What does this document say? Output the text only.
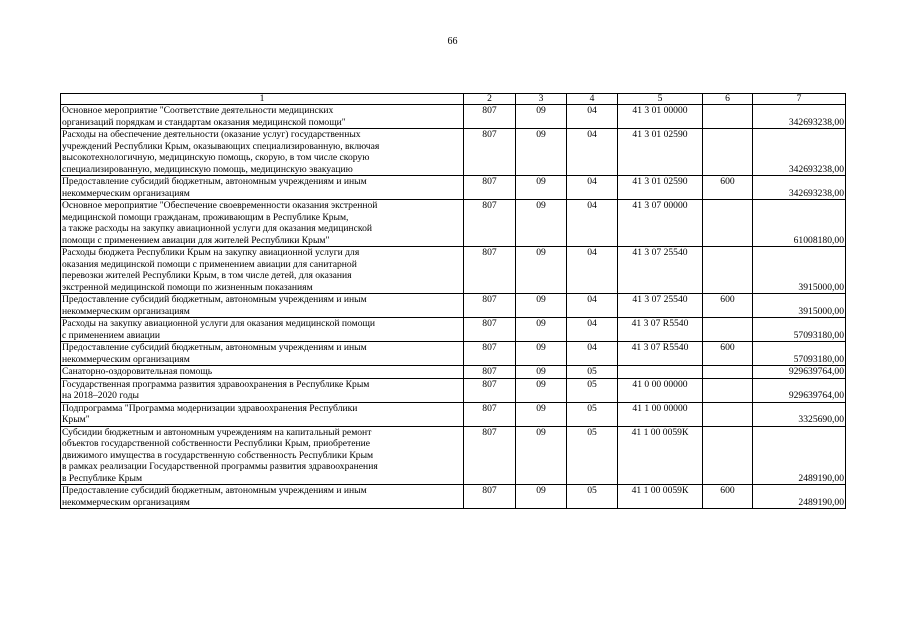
66
1	2	3	4	5	6	7

Основное мероприятие "Соответствие деятельности медицинских
организаций порядкам и стандартам оказания медицинской помощи"	807	09	04	41 3 01 00000		342693238,00

Расходы на обеспечение деятельности (оказание услуг) государственных
учреждений Республики Крым, оказывающих специализированную, включая
высокотехнологичную, медицинскую помощь, скорую, в том числе скорую
специализированную, медицинскую помощь, медицинскую эвакуацию	807	09	04	41 3 01 02590		342693238,00

Предоставление субсидий бюджетным, автономным учреждениям и иным
некоммерческим организациям	807	09	04	41 3 01 02590	600	342693238,00

Основное мероприятие "Обеспечение своевременности оказания экстренной
медицинской помощи гражданам, проживающим в Республике Крым,
а также расходы на закупку авиационной услуги для оказания медицинской
помощи с применением авиации для жителей Республики Крым"	807	09	04	41 3 07 00000		61008180,00

Расходы бюджета Республики Крым на закупку авиационной услуги для
оказания медицинской помощи с применением авиации для санитарной
перевозки жителей Республики Крым, в том числе детей, для оказания
экстренной медицинской помощи по жизненным показаниям	807	09	04	41 3 07 25540		3915000,00

Предоставление субсидий бюджетным, автономным учреждениям и иным
некоммерческим организациям	807	09	04	41 3 07 25540	600	3915000,00

Расходы на закупку авиационной услуги для оказания медицинской помощи
с применением авиации	807	09	04	41 3 07 R5540		57093180,00

Предоставление субсидий бюджетным, автономным учреждениям и иным
некоммерческим организациям	807	09	04	41 3 07 R5540	600	57093180,00

Санаторно-оздоровительная помощь	807	09	05			929639764,00

Государственная программа развития здравоохранения в Республике Крым
на 2018–2020 годы	807	09	05	41 0 00 00000		929639764,00

Подпрограмма "Программа модернизации здравоохранения Республики
Крым"	807	09	05	41 1 00 00000		3325690,00

Субсидии бюджетным и автономным учреждениям на капитальный ремонт
объектов государственной собственности Республики Крым, приобретение
движимого имущества в государственную собственность Республики Крым
в рамках реализации Государственной программы развития здравоохранения
в Республике Крым	807	09	05	41 1 00 0059К		2489190,00

Предоставление субсидий бюджетным, автономным учреждениям и иным
некоммерческим организациям	807	09	05	41 1 00 0059К	600	2489190,00
